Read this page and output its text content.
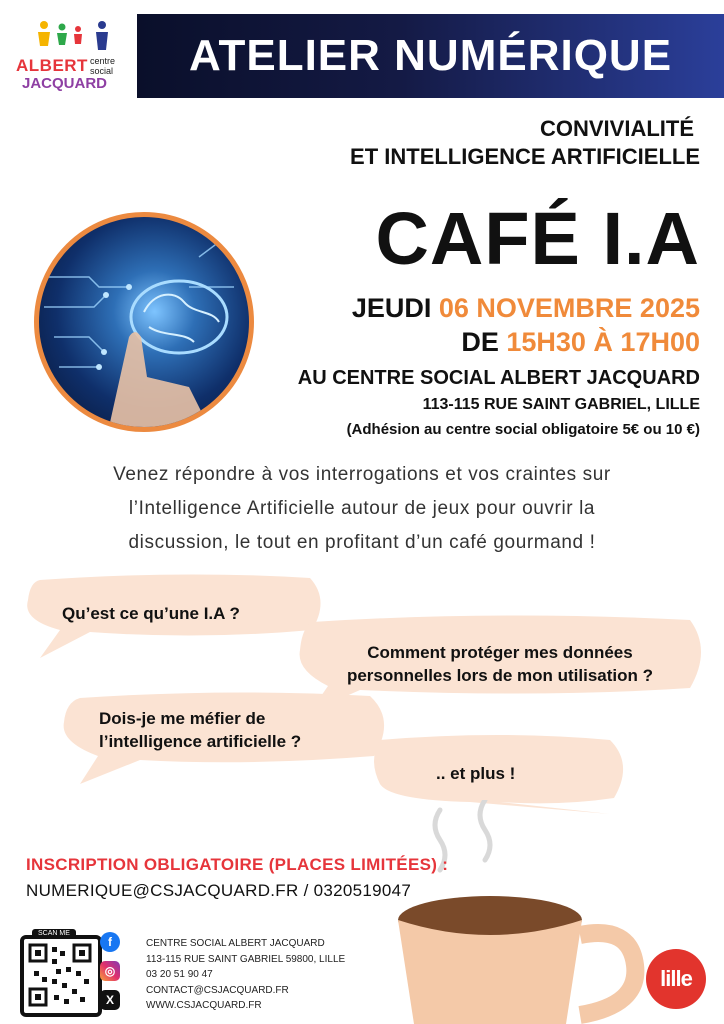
ALBERT centre
social
JACQUARD
ATELIER NUMÉRIQUE
CONVIVIALITÉ
ET INTELLIGENCE ARTIFICIELLE
CAFÉ I.A
JEUDI 06 NOVEMBRE 2025
DE 15H30 À 17H00
AU CENTRE SOCIAL ALBERT JACQUARD
113-115 RUE SAINT GABRIEL, LILLE
(Adhésion au centre social obligatoire 5€ ou 10 €)
Venez répondre à vos interrogations et vos craintes sur
l’Intelligence Artificielle autour de jeux pour ouvrir la
discussion, le tout en profitant d’un café gourmand !
Qu’est ce qu’une I.A ?
Comment protéger mes données
personnelles lors de mon utilisation ?
Dois-je me méfier de
l’intelligence artificielle ?
.. et plus !
INSCRIPTION OBLIGATOIRE (PLACES LIMITÉES) :
NUMERIQUE@CSJACQUARD.FR / 0320519047
SCAN ME
f
◎
X
CENTRE SOCIAL ALBERT JACQUARD
113-115 RUE SAINT GABRIEL 59800, LILLE
03 20 51 90 47
CONTACT@CSJACQUARD.FR
WWW.CSJACQUARD.FR
lille
